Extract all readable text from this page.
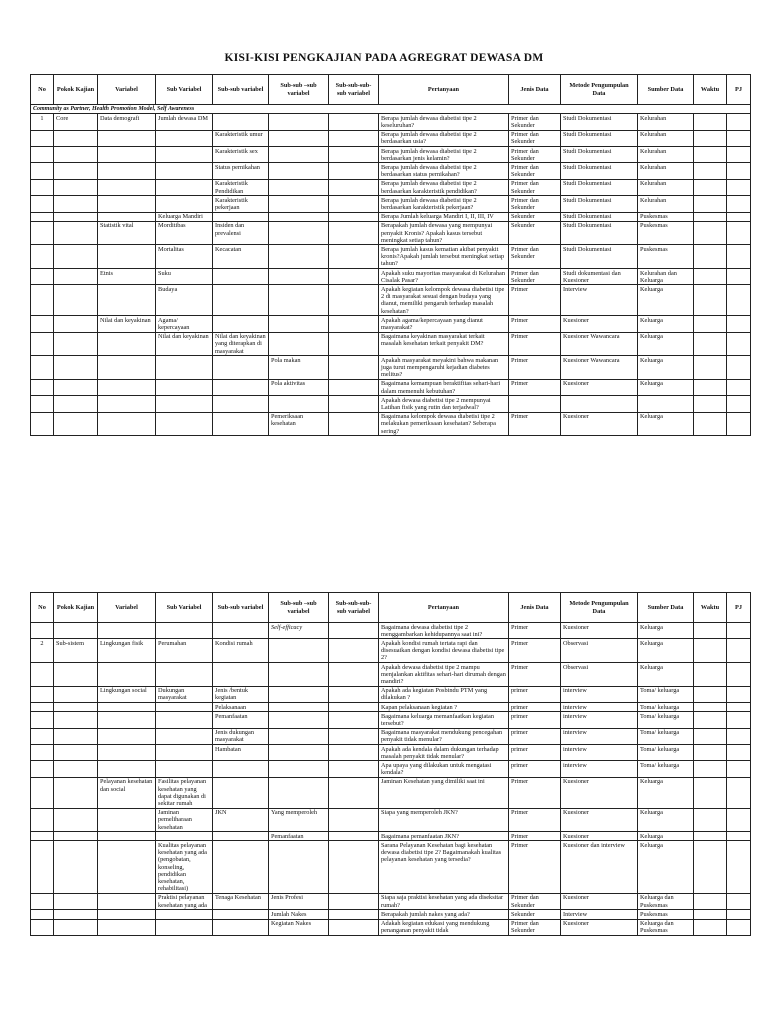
KISI-KISI PENGKAJIAN PADA AGREGRAT DEWASA DM
No	Pokok Kajian	Variabel	Sub Variabel	Sub-sub variabel	Sub-sub –sub variabel	Sub-sub-sub-sub variabel	Pertanyaan	Jenis Data	Metode Pengumpulan Data	Sumber Data	Waktu	PJ
Community as Partner, Health Promotion Model, Self Awareness												
1	Core	Data demografi	Jumlah dewasa DM				Berapa jumlah dewasa diabetisi tipe 2 keseluruhan?	Primer dan Sekunder	Studi Dokumentasi	Kelurahan		
				Karakteristik umur			Berapa jumlah dewasa diabetisi tipe 2 berdasarkan usia?	Primer dan Sekunder	Studi Dokumentasi	Kelurahan		
				Karakteristik sex			Berapa jumlah dewasa diabetisi tipe 2 berdasarkan jenis kelamin?	Primer dan Sekunder	Studi Dokumentasi	Kelurahan		
				Status pernikahan			Berapa jumlah dewasa diabetisi tipe 2 berdasarkan status pernikahan?	Primer dan Sekunder	Studi Dokumentasi	Kelurahan		
				Karakteristik Pendidikan			Berapa jumlah dewasa diabetisi tipe 2 berdasarkan karakteristik pendidikan?	Primer dan Sekunder	Studi Dokumentasi	Kelurahan		
				Karakteristik pekerjaan			Berapa jumlah dewasa diabetisi tipe 2 berdasarkan karakteristik pekerjaan?	Primer dan Sekunder	Studi Dokumentasi	Kelurahan		
			Keluarga Mandiri				Berapa Jumlah keluarga Mandiri I, II, III, IV	Sekunder	Studi Dokumentasi	Puskesmas		
		Statistik vital	Morditibas	Insiden dan prevalensi			Berapakah jumlah dewasa yang mempunyai penyakit Kronis? Apakah kasus tersebut meningkat setiap tahun?	Sekunder	Studi Dokumentasi	Puskesmas		
			Mortalitas	Kecacatan			Berapa jumlah kasus kematian akibat penyakit kronis?Apakah jumlah tersebut meningkat setiap tahun?	Primer dan Sekunder	Studi Dokumentasi	Puskesmas		
		Etnis	Suku				Apakah suku mayoritas masyarakat di Kelurahan Cisalak Pasar?	Primer dan Sekunder	Studi dokumentasi dan Kuesioner	Kelurahan dan Keluarga		
			Budaya				Apakah kegiatan kelompok dewasa diabetisi tipe 2 di masyarakat sesuai dengan budaya yang dianut, memiliki pengaruh terhadap masalah kesehatan?	Primer	Interview	Keluarga		
		Nilai dan keyakinan	Agama/ kepercayaan				Apakah agama/kepercayaan yang dianut masyarakat?	Primer	Kuesioner	Keluarga		
			Nilai dan keyakinan	Nilai dan keyakinan yang diterapkan di masyarakat			Bagaimana keyakinan masyarakat terkait masalah kesehatan terkait penyakit DM?	Primer	Kuesioner Wawancara	Keluarga		
					Pola makan		Apakah masyarakat meyakini bahwa makanan juga turut mempengaruhi kejadian diabetes melitus?	Primer	Kuesioner Wawancara	Keluarga		
					Pola aktivitas		Bagaimana kemampuan beraktifitas sehari-hari dalam memenuhi kebutuhan?	Primer	Kuesioner	Keluarga		
							Apakah dewasa diabetisi tipe 2 mempunyai Latihan fisik yang rutin dan terjadwal?					
					Pemeriksaan kesehatan		Bagaimana kelompok dewasa diabetisi tipe 2 melakukan pemeriksaan kesehatan? Seberapa sering?	Primer	Kuesioner	Keluarga		
No	Pokok Kajian	Variabel	Sub Variabel	Sub-sub variabel	Sub-sub –sub variabel	Sub-sub-sub-sub variabel	Pertanyaan	Jenis Data	Metode Pengumpulan Data	Sumber Data	Waktu	PJ
					Self-efficacy		Bagaimana dewasa diabetisi tipe 2 menggambarkan kehidupannya saat ini?	Primer	Kuesioner	Keluarga		
2	Sub-sistem	Lingkungan fisik	Perumahan	Kondisi rumah			Apakah kondisi rumah tertata rapi dan disesuaikan dengan kondisi dewasa diabetisi tipe 2?	Primer	Observasi	Keluarga		
							Apakah dewasa diabetisi tipe 2 mampu menjalankan aktifitas sehari-hari dirumah dengan mandiri?	Primer	Observasi	Keluarga		
		Lingkungan social	Dukungan masyarakat	Jenis /bentuk kegiatan			Apakah ada kegiatan Posbindu PTM yang dilakukan ?	primer	interview	Toma/ keluarga		
				Pelaksanaan			Kapan pelaksanaan kegiatan ?	primer	interview	Toma/ keluarga		
				Pemanfaatan			Bagaimana keluarga memanfaatkan kegiatan tersebut?	primer	interview	Toma/ keluarga		
				Jenis dukungan masyarakat			Bagaimana masyarakat mendukung pencegahan penyakit tidak menular?	primer	interview	Toma/ keluarga		
				Hambatan			Apakah ada kendala dalam dukungan terhadap masalah penyakit tidak menular?	primer	interview	Toma/ keluarga		
							Apa upaya yang dilakukan untuk mengatasi kendala?	primer	interview	Toma/ keluarga		
		Pelayanan kesehatan dan social	Fasilitas pelayanan kesehatan yang dapat digunakan di sekitar rumah				Jaminan Kesehatan yang dimiliki saat ini	Primer	Kuesioner	Keluarga		
			Jaminan pemeliharaan kesehatan	JKN	Yang memperoleh		Siapa yang memperoleh JKN?	Primer	Kuesioner	Keluarga		
					Pemanfaatan		Bagaimana pemanfaatan JKN?	Primer	Kuesioner	Keluarga		
			Kualitas pelayanan kesehatan yang ada (pengobatan, konseling, pendidikan kesehatan, rehabilitasi)				Sarana Pelayanan Kesehatan bagi kesehatan dewasa diabetisi tipe 2? Bagaimanakah kualitas pelayanan kesehatan yang tersedia?	Primer	Kuesioner dan interview	Keluarga		
			Praktisi pelayanan kesehatan yang ada	Tenaga Kesehatan	Jenis Profesi		Siapa saja praktisi kesehatan yang ada diseksitar rumah?	Primer dan Sekunder	Kuesioner	Keluarga dan Puskesmas		
					Jumlah Nakes		Berapakah jumlah nakes yang ada?	Sekunder	Interview	Puskesmas		
					Kegiatan Nakes		Adakah kegiatan edukasi yang mendukung penanganan penyakit tidak	Primer dan Sekunder	Kuesioner	Keluarga dan Puskesmas		
